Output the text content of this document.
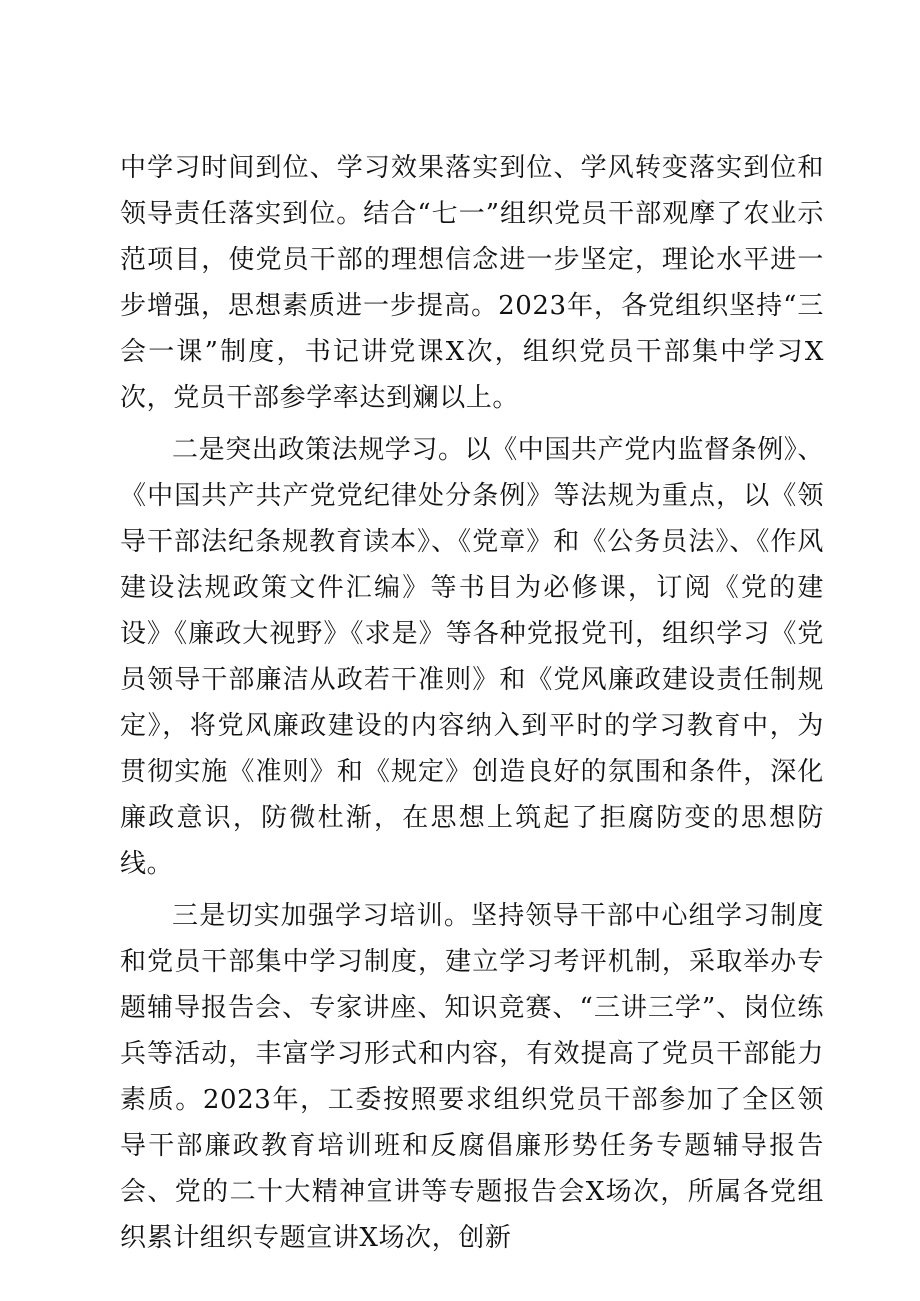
中学习时间到位、学习效果落实到位、学风转变落实到位和领导责任落实到位。结合“七一”组织党员干部观摩了农业示范项目，使党员干部的理想信念进一步坚定，理论水平进一步增强，思想素质进一步提高。2023年，各党组织坚持“三会一课”制度，书记讲党课X次，组织党员干部集中学习X次，党员干部参学率达到斓以上。

二是突出政策法规学习。以《中国共产党内监督条例》、《中国共产共产党党纪律处分条例》等法规为重点，以《领导干部法纪条规教育读本》、《党章》和《公务员法》、《作风建设法规政策文件汇编》等书目为必修课，订阅《党的建设》《廉政大视野》《求是》等各种党报党刊，组织学习《党员领导干部廉洁从政若干准则》和《党风廉政建设责任制规定》，将党风廉政建设的内容纳入到平时的学习教育中，为贯彻实施《准则》和《规定》创造良好的氛围和条件，深化廉政意识，防微杜渐，在思想上筑起了拒腐防变的思想防线。

三是切实加强学习培训。坚持领导干部中心组学习制度和党员干部集中学习制度，建立学习考评机制，采取举办专题辅导报告会、专家讲座、知识竞赛、“三讲三学”、岗位练兵等活动，丰富学习形式和内容，有效提高了党员干部能力素质。2023年，工委按照要求组织党员干部参加了全区领导干部廉政教育培训班和反腐倡廉形势任务专题辅导报告会、党的二十大精神宣讲等专题报告会X场次，所属各党组织累计组织专题宣讲X场次，创新
